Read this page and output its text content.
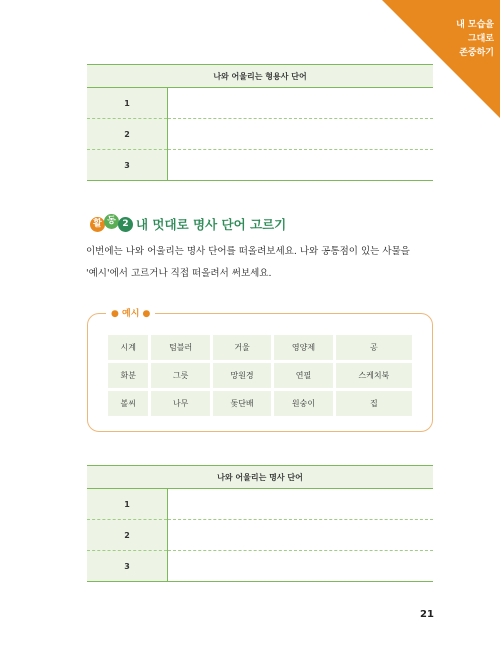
내 모습을
그대로
존중하기
나와 어울리는 형용사 단어	
1	
2	
3	
활 동 2 내 멋대로 명사 단어 고르기
이번에는 나와 어울리는 명사 단어를 떠올려보세요. 나와 공통점이 있는 사물을
'예시'에서 고르거나 직접 떠올려서 써보세요.
● 예시 ●
시계	텀블러	거울	영양제	공
화분	그릇	망원경	연필	스케치북
볼씨	나무	돛단배	원숭이	집
나와 어울리는 명사 단어	
1	
2	
3	
21
